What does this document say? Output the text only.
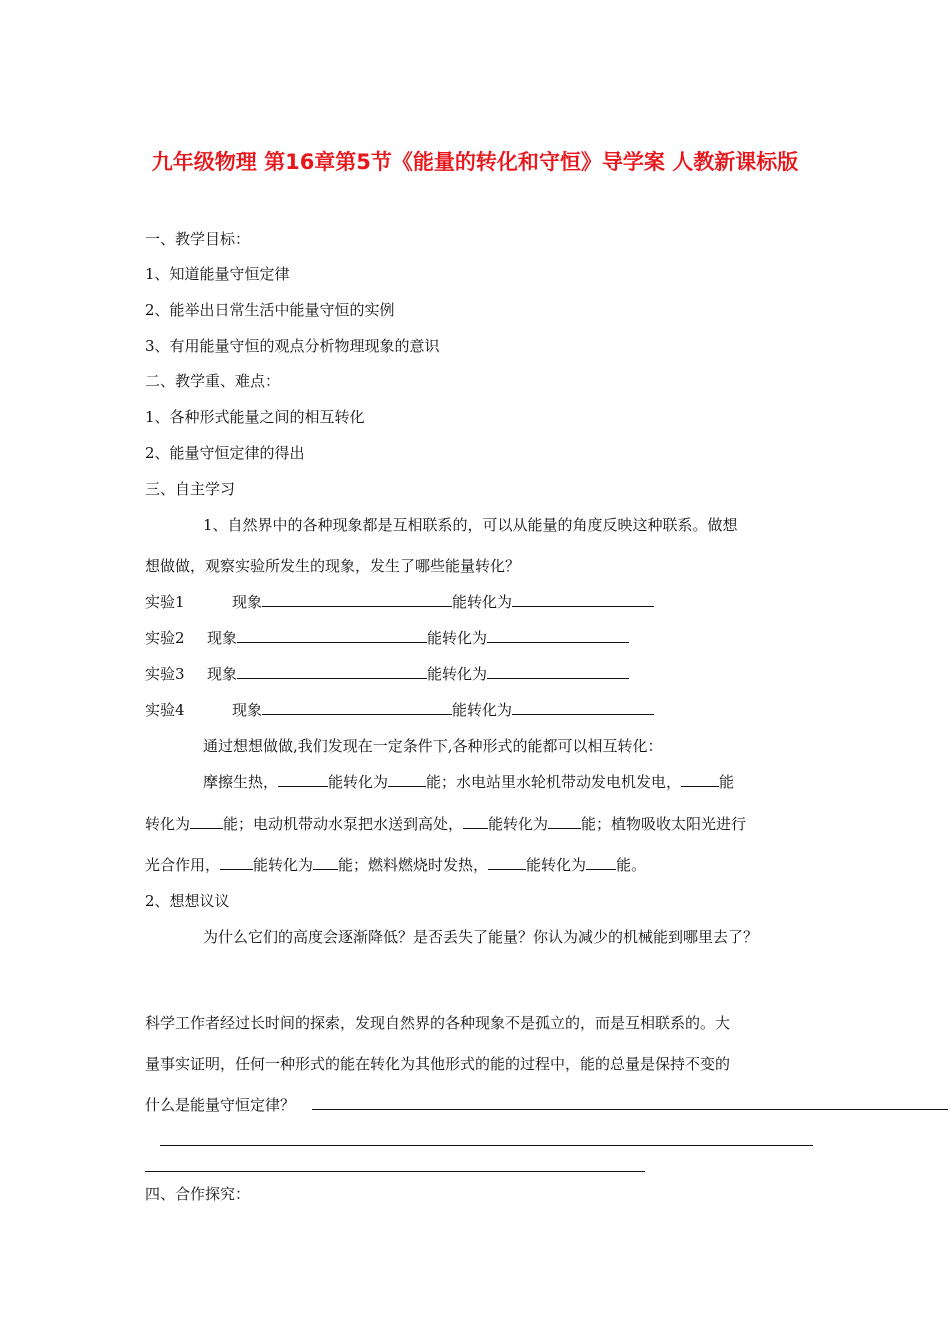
九年级物理 第16章第5节《能量的转化和守恒》导学案 人教新课标版
一、教学目标：
1、知道能量守恒定律
2、能举出日常生活中能量守恒的实例
3、有用能量守恒的观点分析物理现象的意识
二、教学重、难点：
1、各种形式能量之间的相互转化
2、能量守恒定律的得出
三、自主学习
1、自然界中的各种现象都是互相联系的，可以从能量的角度反映这种联系。做想
想做做，观察实验所发生的现象，发生了哪些能量转化？
实验1	现象	能转化为
实验2 现象	能转化为
实验3 现象	能转化为
实验4	现象	能转化为
通过想想做做,我们发现在一定条件下,各种形式的能都可以相互转化：
摩擦生热，	能转化为	能；水电站里水轮机带动发电机发电，	能
转化为 能；电动机带动水泵把水送到高处， 能转化为 能；植物吸收太阳光进行
光合作用， 能转化为 能；燃料燃烧时发热，	能转化为 能。
2、想想议议
为什么它们的高度会逐渐降低？是否丢失了能量？你认为减少的机械能到哪里去了？
科学工作者经过长时间的探索，发现自然界的各种现象不是孤立的，而是互相联系的。大
量事实证明，任何一种形式的能在转化为其他形式的能的过程中，能的总量是保持不变的
什么是能量守恒定律？
四、合作探究：
